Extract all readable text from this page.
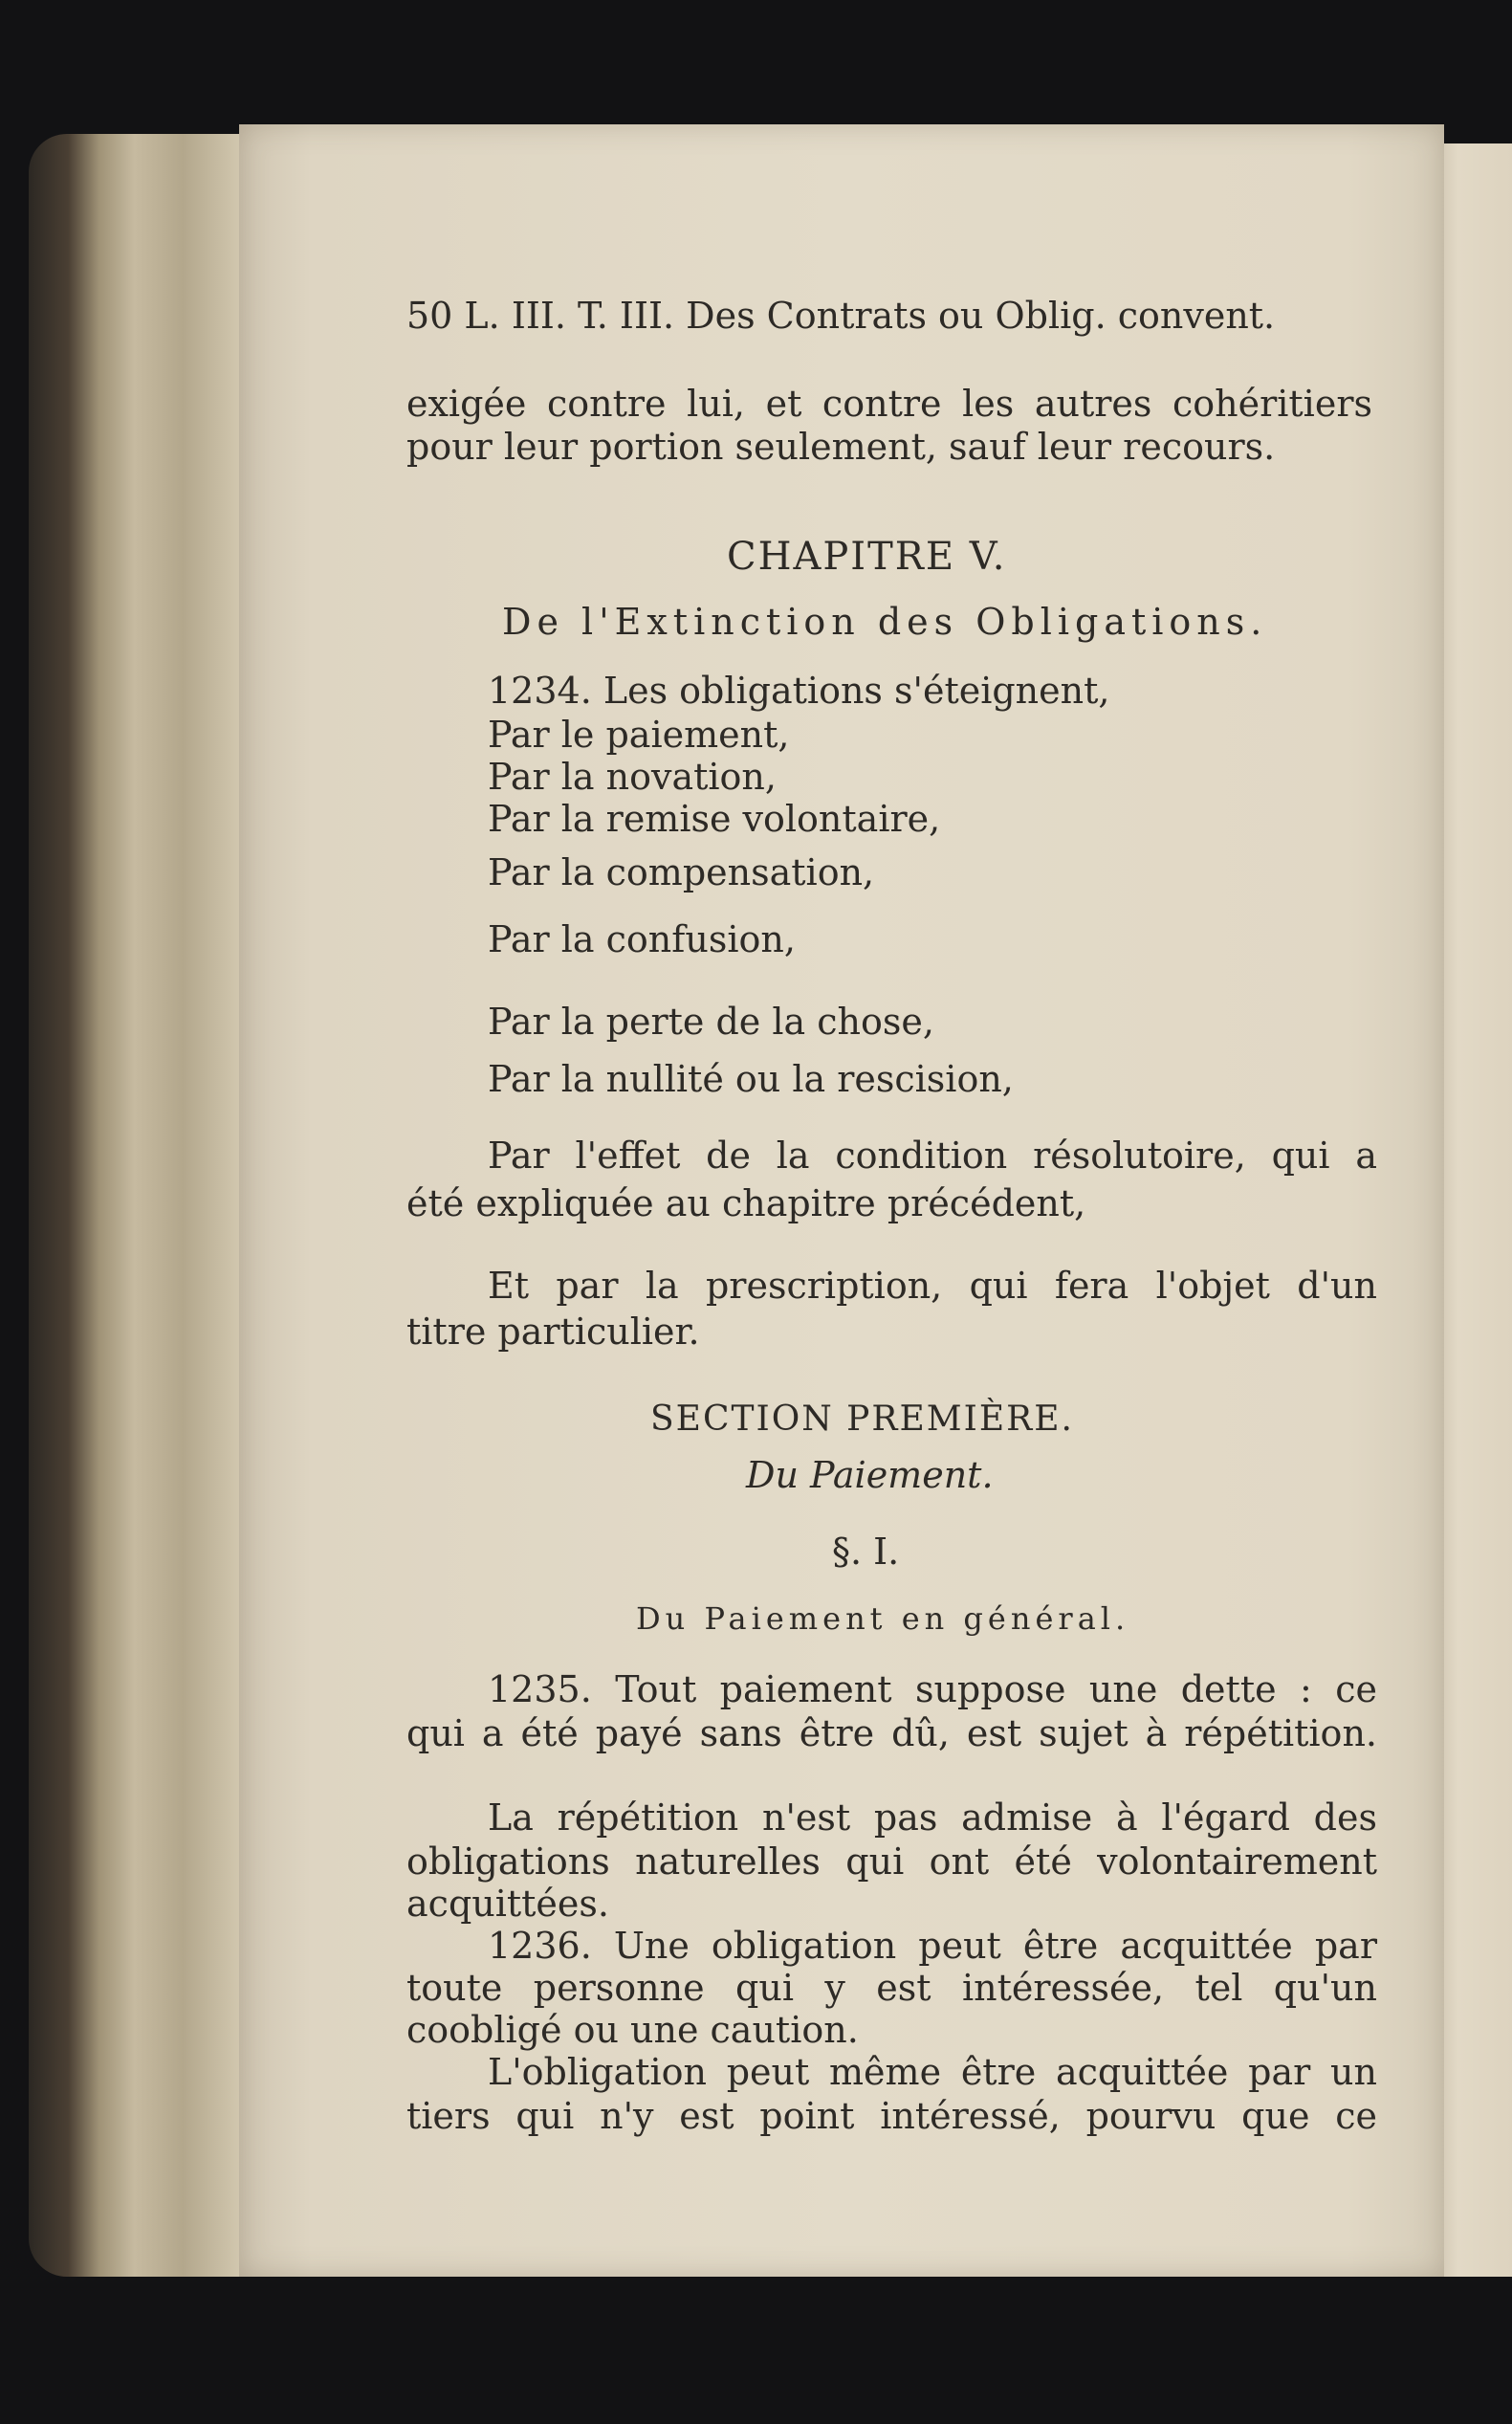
50 L. III. T. III. Des Contrats ou Oblig. convent.

exigée contre lui, et contre les autres cohéritiers

pour leur portion seulement, sauf leur recours.

CHAPITRE V.

De l'Extinction des Obligations.

1234. Les obligations s'éteignent,

Par le paiement,

Par la novation,

Par la remise volontaire,

Par la compensation,

Par la confusion,

Par la perte de la chose,

Par la nullité ou la rescision,

Par l'effet de la condition résolutoire, qui a

été expliquée au chapitre précédent,

Et par la prescription, qui fera l'objet d'un

titre particulier.

SECTION PREMIÈRE.

Du Paiement.

§. I.

Du Paiement en général.

1235. Tout paiement suppose une dette : ce

qui a été payé sans être dû, est sujet à répétition.

La répétition n'est pas admise à l'égard des

obligations naturelles qui ont été volontairement

acquittées.

1236. Une obligation peut être acquittée par

toute personne qui y est intéressée, tel qu'un

coobligé ou une caution.

L'obligation peut même être acquittée par un

tiers qui n'y est point intéressé, pourvu que ce
